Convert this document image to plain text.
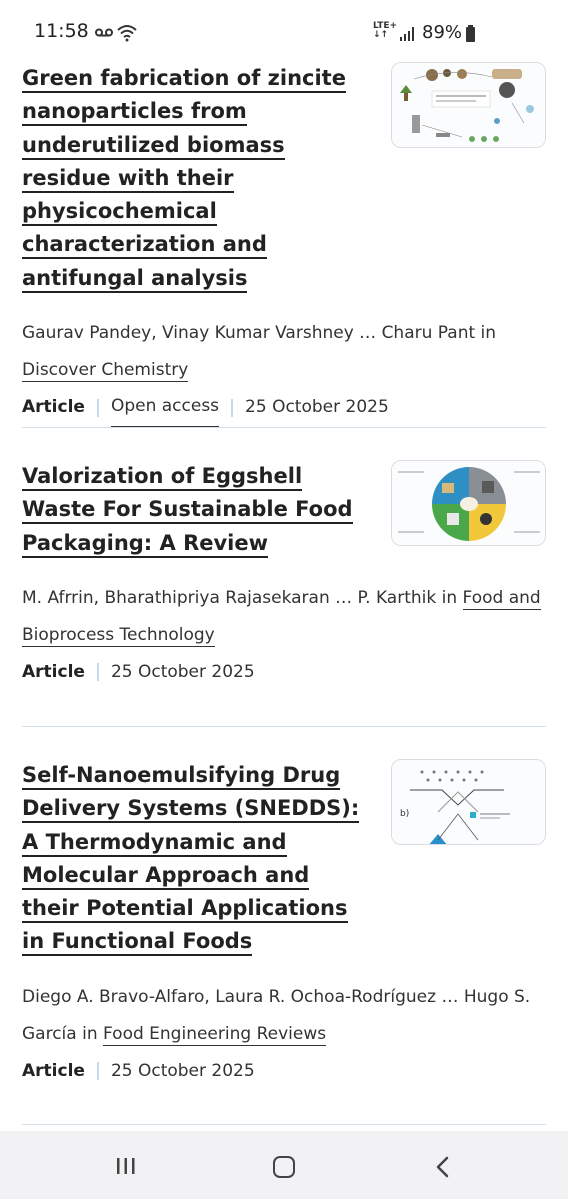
11:58	LTE+
↓↑	89%
Green fabrication of zincite nanoparticles from underutilized biomass residue with their physicochemical characterization and antifungal analysis
Gaurav Pandey, Vinay Kumar Varshney … Charu Pant in Discover Chemistry
Article Open access 25 October 2025
Valorization of Eggshell Waste For Sustainable Food Packaging: A Review
M. Afrrin, Bharathipriya Rajasekaran … P. Karthik in Food and Bioprocess Technology
Article 25 October 2025
Self-Nanoemulsifying Drug Delivery Systems (SNEDDS): A Thermodynamic and Molecular Approach and their Potential Applications in Functional Foods
b)
Diego A. Bravo-Alfaro, Laura R. Ochoa-Rodríguez … Hugo S. García in Food Engineering Reviews
Article 25 October 2025
